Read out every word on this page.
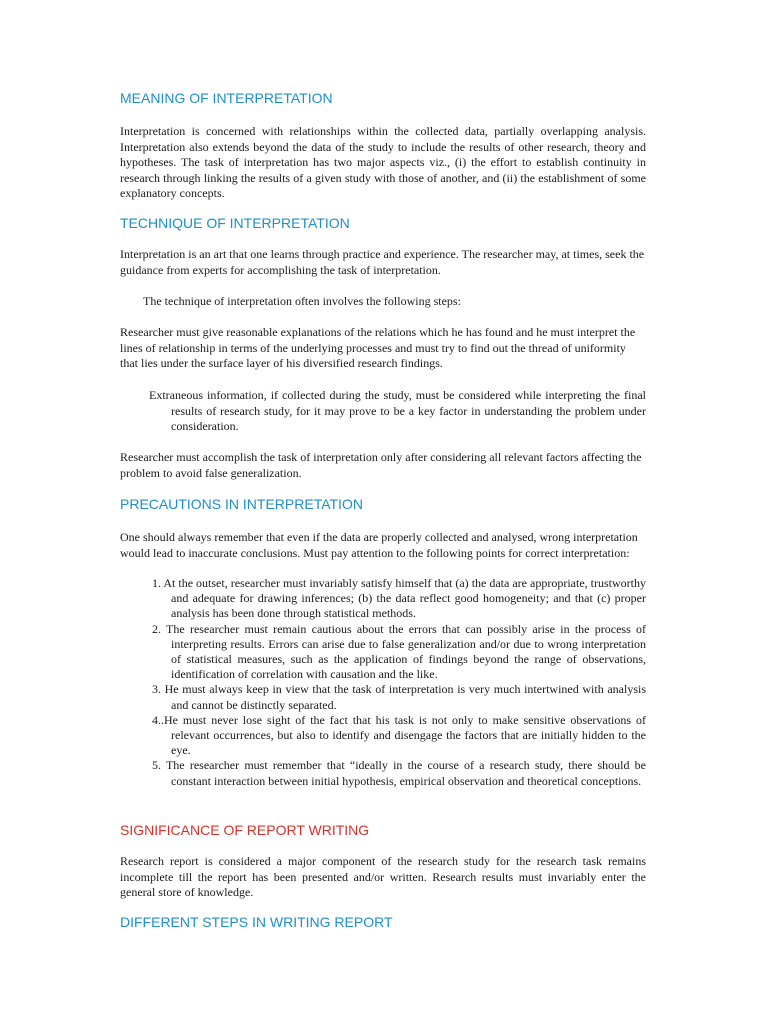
MEANING OF INTERPRETATION

Interpretation is concerned with relationships within the collected data, partially overlapping analysis. Interpretation also extends beyond the data of the study to include the results of other research, theory and hypotheses. The task of interpretation has two major aspects viz., (i) the effort to establish continuity in research through linking the results of a given study with those of another, and (ii) the establishment of some explanatory concepts.

TECHNIQUE OF INTERPRETATION

Interpretation is an art that one learns through practice and experience. The researcher may, at times, seek the guidance from experts for accomplishing the task of interpretation.

The technique of interpretation often involves the following steps:

Researcher must give reasonable explanations of the relations which he has found and he must interpret the lines of relationship in terms of the underlying processes and must try to find out the thread of uniformity that lies under the surface layer of his diversified research findings.

Extraneous information, if collected during the study, must be considered while interpreting the final results of research study, for it may prove to be a key factor in understanding the problem under consideration.

Researcher must accomplish the task of interpretation only after considering all relevant factors affecting the problem to avoid false generalization.

PRECAUTIONS IN INTERPRETATION

One should always remember that even if the data are properly collected and analysed, wrong interpretation would lead to inaccurate conclusions. Must pay attention to the following points for correct interpretation:

1. At the outset, researcher must invariably satisfy himself that (a) the data are appropriate, trustworthy and adequate for drawing inferences; (b) the data reflect good homogeneity; and that (c) proper analysis has been done through statistical methods.
2. The researcher must remain cautious about the errors that can possibly arise in the process of interpreting results. Errors can arise due to false generalization and/or due to wrong interpretation of statistical measures, such as the application of findings beyond the range of observations, identification of correlation with causation and the like.
3. He must always keep in view that the task of interpretation is very much intertwined with analysis and cannot be distinctly separated.
4..He must never lose sight of the fact that his task is not only to make sensitive observations of relevant occurrences, but also to identify and disengage the factors that are initially hidden to the eye.
5. The researcher must remember that “ideally in the course of a research study, there should be constant interaction between initial hypothesis, empirical observation and theoretical conceptions.
SIGNIFICANCE OF REPORT WRITING

Research report is considered a major component of the research study for the research task remains incomplete till the report has been presented and/or written. Research results must invariably enter the general store of knowledge.

DIFFERENT STEPS IN WRITING REPORT
